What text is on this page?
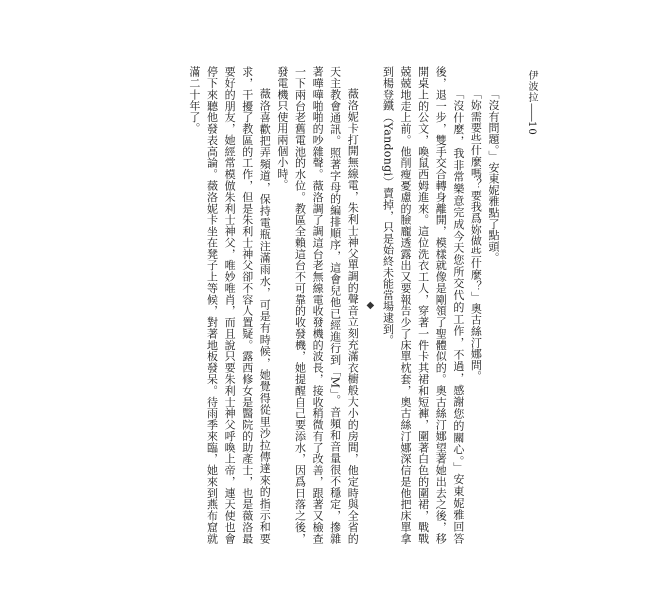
伊波拉——10

「沒有問題。」安東妮雅點了點頭。

「妳需要些什麼嗎？要我爲妳做些什麼？」奧古絲汀娜問。

「沒什麼，我非常樂意完成今天您所交代的工作，不過，感謝您的關心。」安東妮雅回答後，退一步，雙手交合轉身離開，模樣就像是剛領了聖體似的。奧古絲汀娜望著她出去之後，移開桌上的公文，喚鼠西姆進來。這位洗衣工人，穿著一件卡其裙和短褲，圍著白色的圍裙，戰戰兢兢地走上前。他削瘦憂慮的臉龐透露出又要報告少了床單枕套，奧古絲汀娜深信是他把床單拿到楊登鐵（Yandongi）賣掉，只是始終未能當場逮到。

◆

薇洛妮卡打開無線電，朱利士神父單調的聲音立刻充滿衣櫥般大小的房間，他定時與全省的天主教會通訊。照著字母的編排順序，這會兒他已經進行到「M」。音頻和音量很不穩定，摻雜著嘩嘩啪啪的吵雜聲。薇洛調了調這台老無線電收發機的波長，接收稍微有了改善，跟著又檢查一下兩台老舊電池的水位。教區全賴這台不可靠的收發機，她提醒自己要添水，因爲日落之後，發電機只使用兩個小時。

薇洛喜歡把弄頻道，保持電瓶注滿雨水，可是有時候，她覺得從里沙拉傳達來的指示和要求，干擾了教區的工作，但是朱利士神父卻不容人置疑。露西修女是醫院的助產士，也是薇洛最要好的朋友，她經常模倣朱利士神父，唯妙唯肖，而且說只要朱利士神父呼喚上帝，連天使也會停下來聽他發表高論。薇洛妮卡坐在凳子上等候，對著地板發呆。待雨季來臨，她來到燕布窟就滿二十年了。
